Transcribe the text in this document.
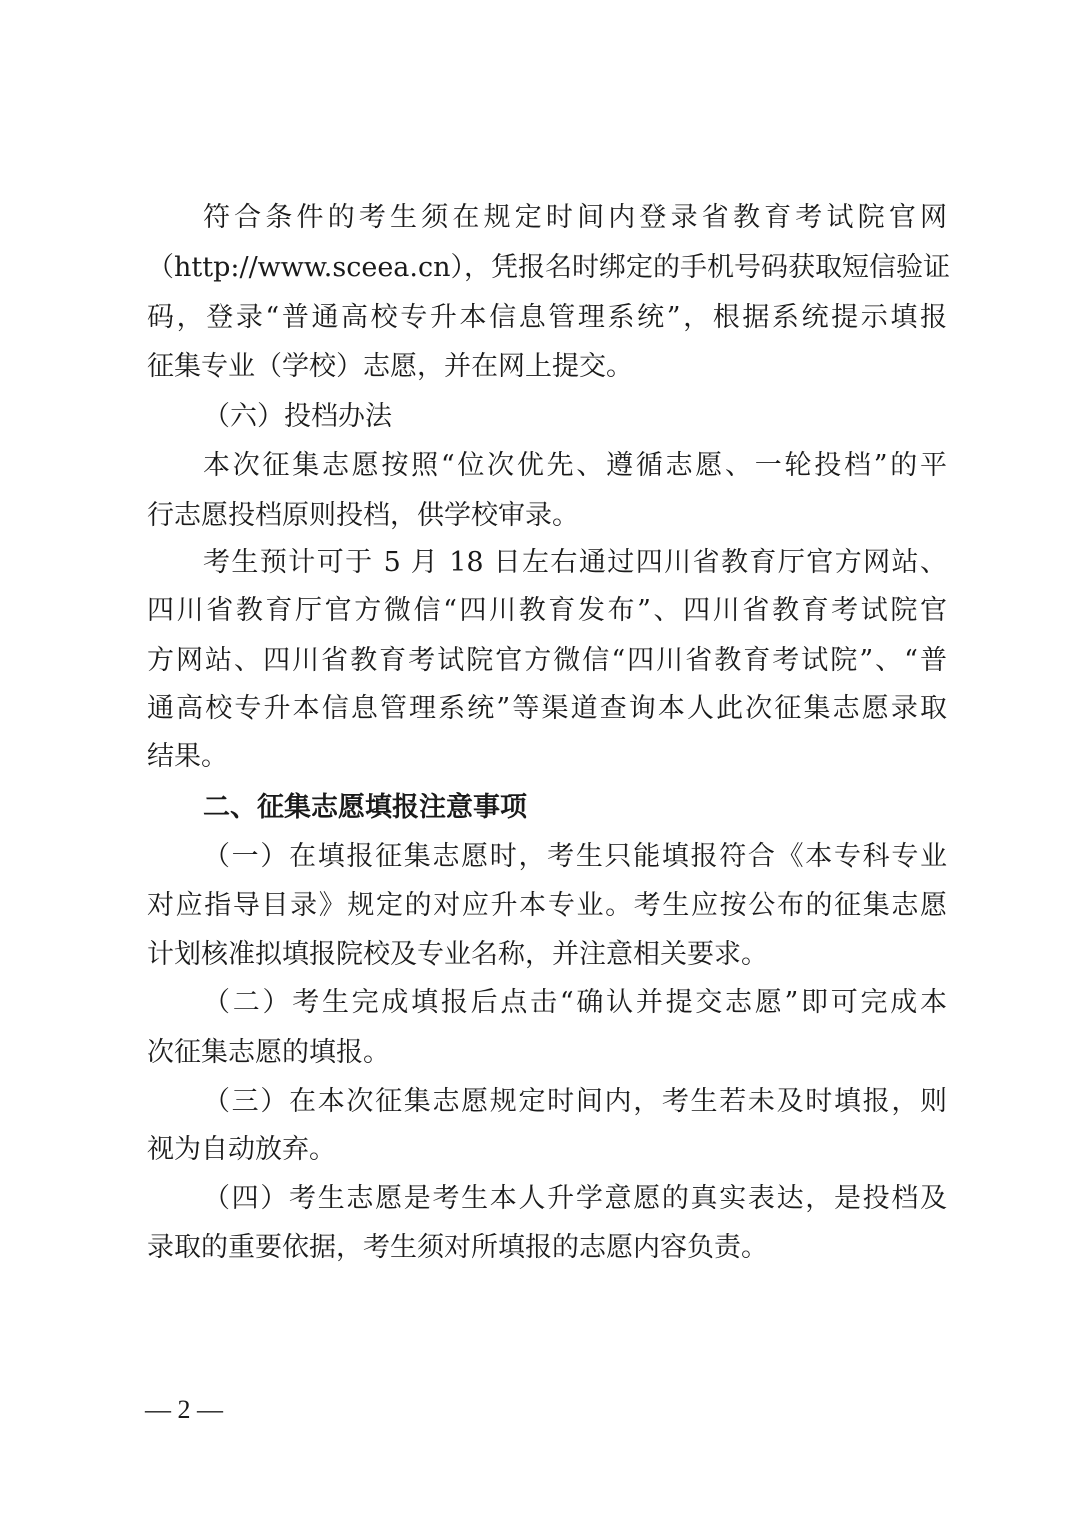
符合条件的考生须在规定时间内登录省教育考试院官网
（http://www.sceea.cn），凭报名时绑定的手机号码获取短信验证
码，登录“普通高校专升本信息管理系统”，根据系统提示填报
征集专业（学校）志愿，并在网上提交。
（六）投档办法
本次征集志愿按照“位次优先、遵循志愿、一轮投档”的平
行志愿投档原则投档，供学校审录。
考生预计可于 5 月 18 日左右通过四川省教育厅官方网站、
四川省教育厅官方微信“四川教育发布”、四川省教育考试院官
方网站、四川省教育考试院官方微信“四川省教育考试院”、“普
通高校专升本信息管理系统”等渠道查询本人此次征集志愿录取
结果。
二、征集志愿填报注意事项
（一）在填报征集志愿时，考生只能填报符合《本专科专业
对应指导目录》规定的对应升本专业。考生应按公布的征集志愿
计划核准拟填报院校及专业名称，并注意相关要求。
（二）考生完成填报后点击“确认并提交志愿”即可完成本
次征集志愿的填报。
（三）在本次征集志愿规定时间内，考生若未及时填报，则
视为自动放弃。
（四）考生志愿是考生本人升学意愿的真实表达，是投档及
录取的重要依据，考生须对所填报的志愿内容负责。
— 2 —
